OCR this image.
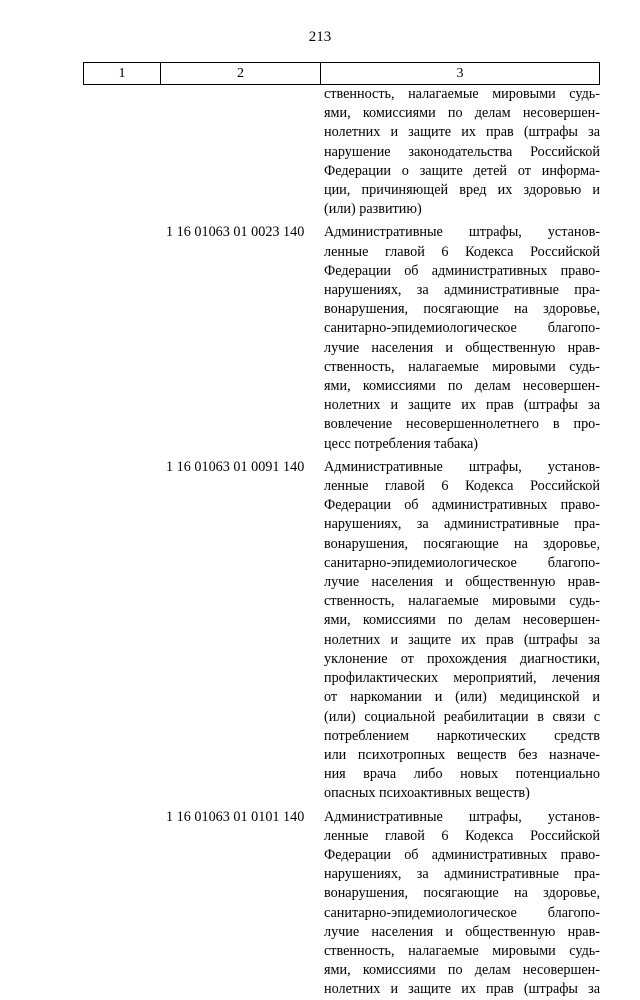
213
1	2	3
ственность, налагаемые мировыми судь-
ями, комиссиями по делам несовершен-
нолетних и защите их прав (штрафы за
нарушение законодательства Российской
Федерации о защите детей от информа-
ции, причиняющей вред их здоровью и
(или) развитию)
1 16 01063 01 0023 140	Административные штрафы, установ-
ленные главой 6 Кодекса Российской
Федерации об административных право-
нарушениях, за административные пра-
вонарушения, посягающие на здоровье,
санитарно-эпидемиологическое благопо-
лучие населения и общественную нрав-
ственность, налагаемые мировыми судь-
ями, комиссиями по делам несовершен-
нолетних и защите их прав (штрафы за
вовлечение несовершеннолетнего в про-
цесс потребления табака)
1 16 01063 01 0091 140	Административные штрафы, установ-
ленные главой 6 Кодекса Российской
Федерации об административных право-
нарушениях, за административные пра-
вонарушения, посягающие на здоровье,
санитарно-эпидемиологическое благопо-
лучие населения и общественную нрав-
ственность, налагаемые мировыми судь-
ями, комиссиями по делам несовершен-
нолетних и защите их прав (штрафы за
уклонение от прохождения диагностики,
профилактических мероприятий, лечения
от наркомании и (или) медицинской и
(или) социальной реабилитации в связи с
потреблением наркотических средств
или психотропных веществ без назначе-
ния врача либо новых потенциально
опасных психоактивных веществ)
1 16 01063 01 0101 140	Административные штрафы, установ-
ленные главой 6 Кодекса Российской
Федерации об административных право-
нарушениях, за административные пра-
вонарушения, посягающие на здоровье,
санитарно-эпидемиологическое благопо-
лучие населения и общественную нрав-
ственность, налагаемые мировыми судь-
ями, комиссиями по делам несовершен-
нолетних и защите их прав (штрафы за
